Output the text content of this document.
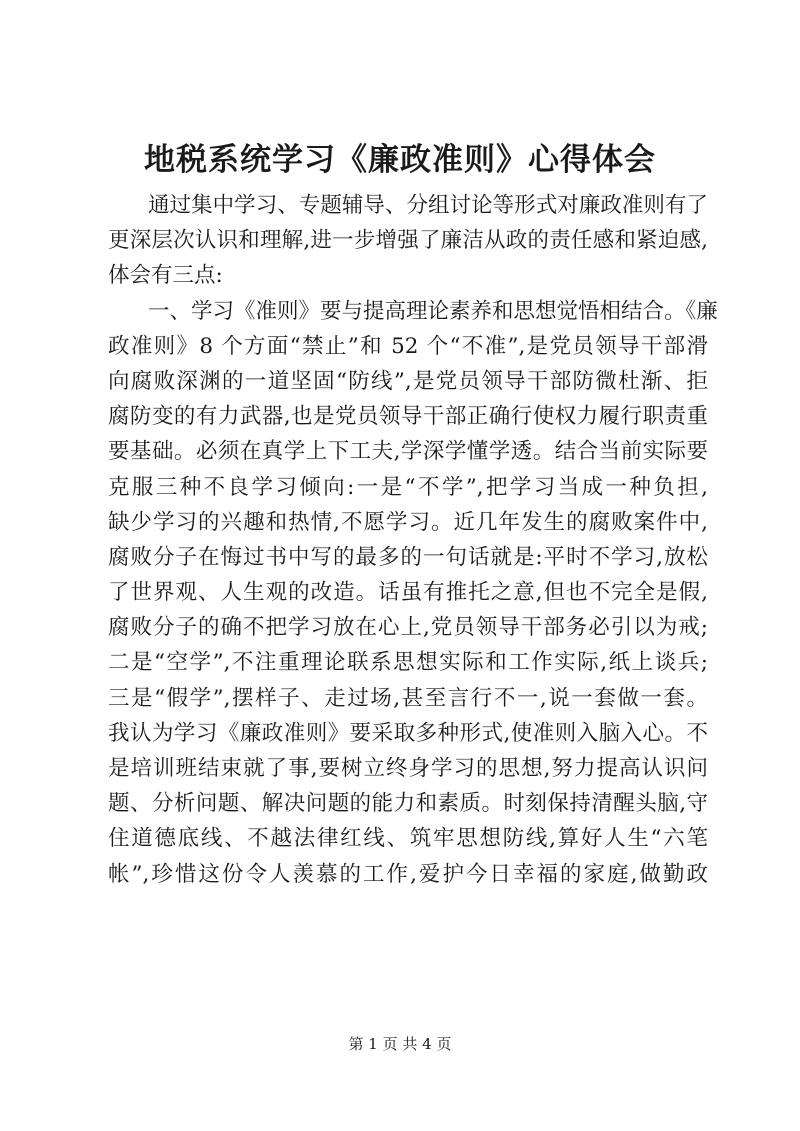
地税系统学习《廉政准则》心得体会
通过集中学习、专题辅导、分组讨论等形式对廉政准则有了
更深层次认识和理解,进一步增强了廉洁从政的责任感和紧迫感,
体会有三点:
一、学习《准则》要与提高理论素养和思想觉悟相结合。《廉
政准则》8 个方面“禁止”和 52 个“不准”,是党员领导干部滑
向腐败深渊的一道坚固“防线”,是党员领导干部防微杜渐、拒
腐防变的有力武器,也是党员领导干部正确行使权力履行职责重
要基础。必须在真学上下工夫,学深学懂学透。结合当前实际要
克服三种不良学习倾向:一是“不学”,把学习当成一种负担,
缺少学习的兴趣和热情,不愿学习。近几年发生的腐败案件中,
腐败分子在悔过书中写的最多的一句话就是:平时不学习,放松
了世界观、人生观的改造。话虽有推托之意,但也不完全是假,
腐败分子的确不把学习放在心上,党员领导干部务必引以为戒;
二是“空学”,不注重理论联系思想实际和工作实际,纸上谈兵;
三是“假学”,摆样子、走过场,甚至言行不一,说一套做一套。
我认为学习《廉政准则》要采取多种形式,使准则入脑入心。不
是培训班结束就了事,要树立终身学习的思想,努力提高认识问
题、分析问题、解决问题的能力和素质。时刻保持清醒头脑,守
住道德底线、不越法律红线、筑牢思想防线,算好人生“六笔
帐”,珍惜这份令人羡慕的工作,爱护今日幸福的家庭,做勤政
第 1 页 共 4 页
